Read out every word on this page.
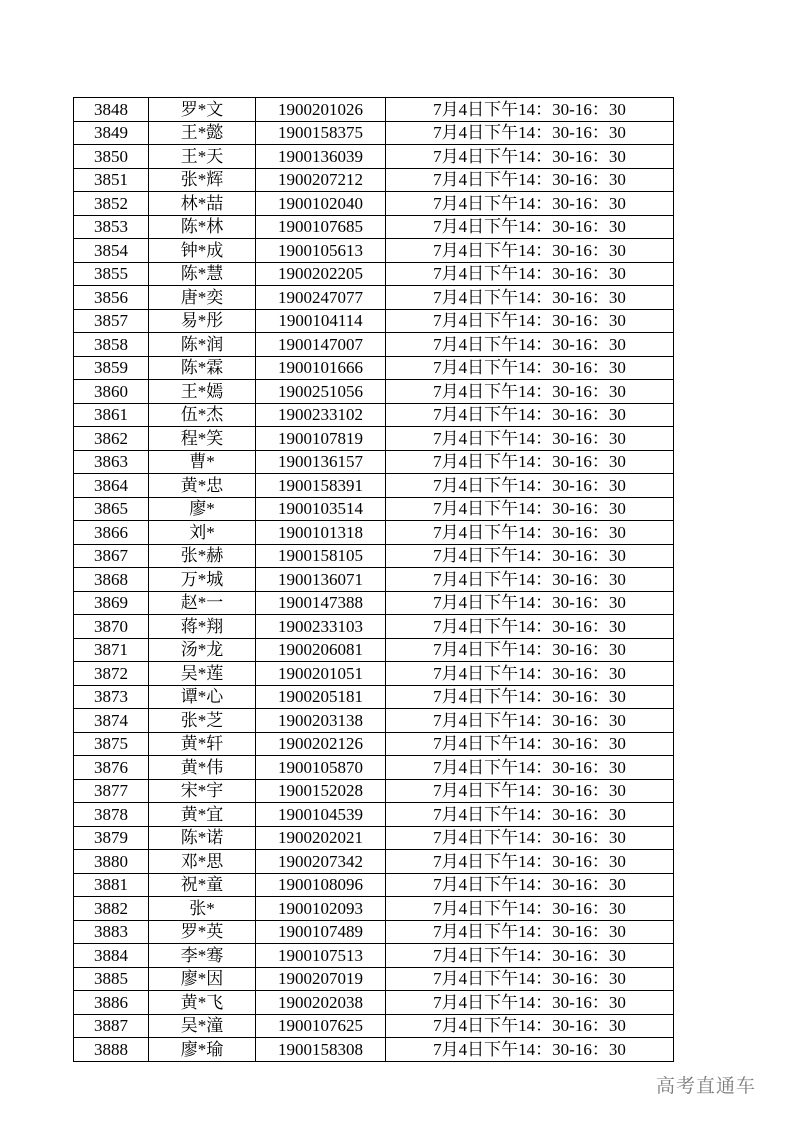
3848	罗*文	1900201026	7月4日下午14：30-16：30
3849	王*懿	1900158375	7月4日下午14：30-16：30
3850	王*天	1900136039	7月4日下午14：30-16：30
3851	张*辉	1900207212	7月4日下午14：30-16：30
3852	林*喆	1900102040	7月4日下午14：30-16：30
3853	陈*林	1900107685	7月4日下午14：30-16：30
3854	钟*成	1900105613	7月4日下午14：30-16：30
3855	陈*慧	1900202205	7月4日下午14：30-16：30
3856	唐*奕	1900247077	7月4日下午14：30-16：30
3857	易*彤	1900104114	7月4日下午14：30-16：30
3858	陈*润	1900147007	7月4日下午14：30-16：30
3859	陈*霖	1900101666	7月4日下午14：30-16：30
3860	王*嫣	1900251056	7月4日下午14：30-16：30
3861	伍*杰	1900233102	7月4日下午14：30-16：30
3862	程*笑	1900107819	7月4日下午14：30-16：30
3863	曹*	1900136157	7月4日下午14：30-16：30
3864	黄*忠	1900158391	7月4日下午14：30-16：30
3865	廖*	1900103514	7月4日下午14：30-16：30
3866	刘*	1900101318	7月4日下午14：30-16：30
3867	张*赫	1900158105	7月4日下午14：30-16：30
3868	万*城	1900136071	7月4日下午14：30-16：30
3869	赵*一	1900147388	7月4日下午14：30-16：30
3870	蒋*翔	1900233103	7月4日下午14：30-16：30
3871	汤*龙	1900206081	7月4日下午14：30-16：30
3872	吴*莲	1900201051	7月4日下午14：30-16：30
3873	谭*心	1900205181	7月4日下午14：30-16：30
3874	张*芝	1900203138	7月4日下午14：30-16：30
3875	黄*轩	1900202126	7月4日下午14：30-16：30
3876	黄*伟	1900105870	7月4日下午14：30-16：30
3877	宋*宇	1900152028	7月4日下午14：30-16：30
3878	黄*宜	1900104539	7月4日下午14：30-16：30
3879	陈*诺	1900202021	7月4日下午14：30-16：30
3880	邓*思	1900207342	7月4日下午14：30-16：30
3881	祝*童	1900108096	7月4日下午14：30-16：30
3882	张*	1900102093	7月4日下午14：30-16：30
3883	罗*英	1900107489	7月4日下午14：30-16：30
3884	李*骞	1900107513	7月4日下午14：30-16：30
3885	廖*因	1900207019	7月4日下午14：30-16：30
3886	黄*飞	1900202038	7月4日下午14：30-16：30
3887	吴*潼	1900107625	7月4日下午14：30-16：30
3888	廖*瑜	1900158308	7月4日下午14：30-16：30
高考直通车
